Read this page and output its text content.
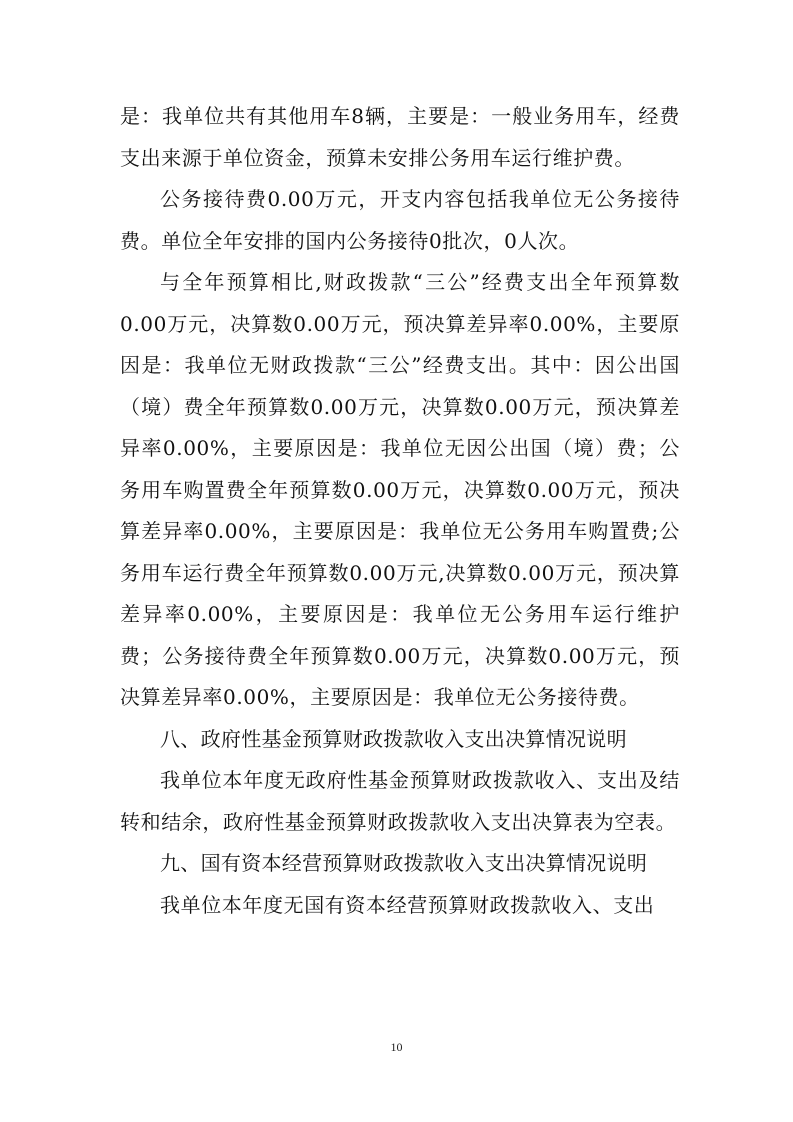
是：我单位共有其他用车8辆，主要是：一般业务用车，经费支出来源于单位资金，预算未安排公务用车运行维护费。

公务接待费0.00万元，开支内容包括我单位无公务接待费。单位全年安排的国内公务接待0批次，0人次。

与全年预算相比,财政拨款“三公”经费支出全年预算数0.00万元，决算数0.00万元，预决算差异率0.00%，主要原因是：我单位无财政拨款“三公”经费支出。其中：因公出国（境）费全年预算数0.00万元，决算数0.00万元，预决算差异率0.00%，主要原因是：我单位无因公出国（境）费；公务用车购置费全年预算数0.00万元，决算数0.00万元，预决算差异率0.00%，主要原因是：我单位无公务用车购置费;公务用车运行费全年预算数0.00万元,决算数0.00万元，预决算差异率0.00%，主要原因是：我单位无公务用车运行维护费；公务接待费全年预算数0.00万元，决算数0.00万元，预决算差异率0.00%，主要原因是：我单位无公务接待费。

八、政府性基金预算财政拨款收入支出决算情况说明

我单位本年度无政府性基金预算财政拨款收入、支出及结转和结余，政府性基金预算财政拨款收入支出决算表为空表。

九、国有资本经营预算财政拨款收入支出决算情况说明

我单位本年度无国有资本经营预算财政拨款收入、支出

10
